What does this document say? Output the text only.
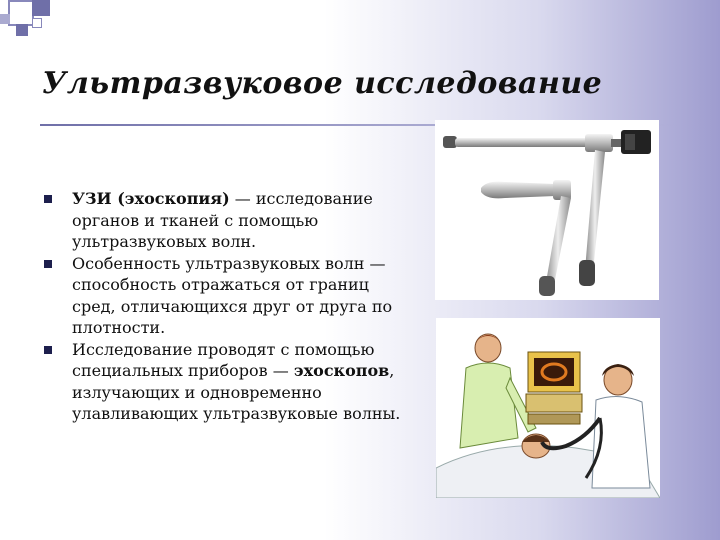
Ультразвуковое исследование
УЗИ (эхоскопия) — исследование органов и тканей с помощью ультразвуковых волн.
Особенность ультразвуковых волн — способность отражаться от границ сред, отличающихся друг от друга по плотности.
Исследование проводят с помощью специальных приборов — эхоскопов, излучающих и одновременно улавливающих ультразвуковые волны.
